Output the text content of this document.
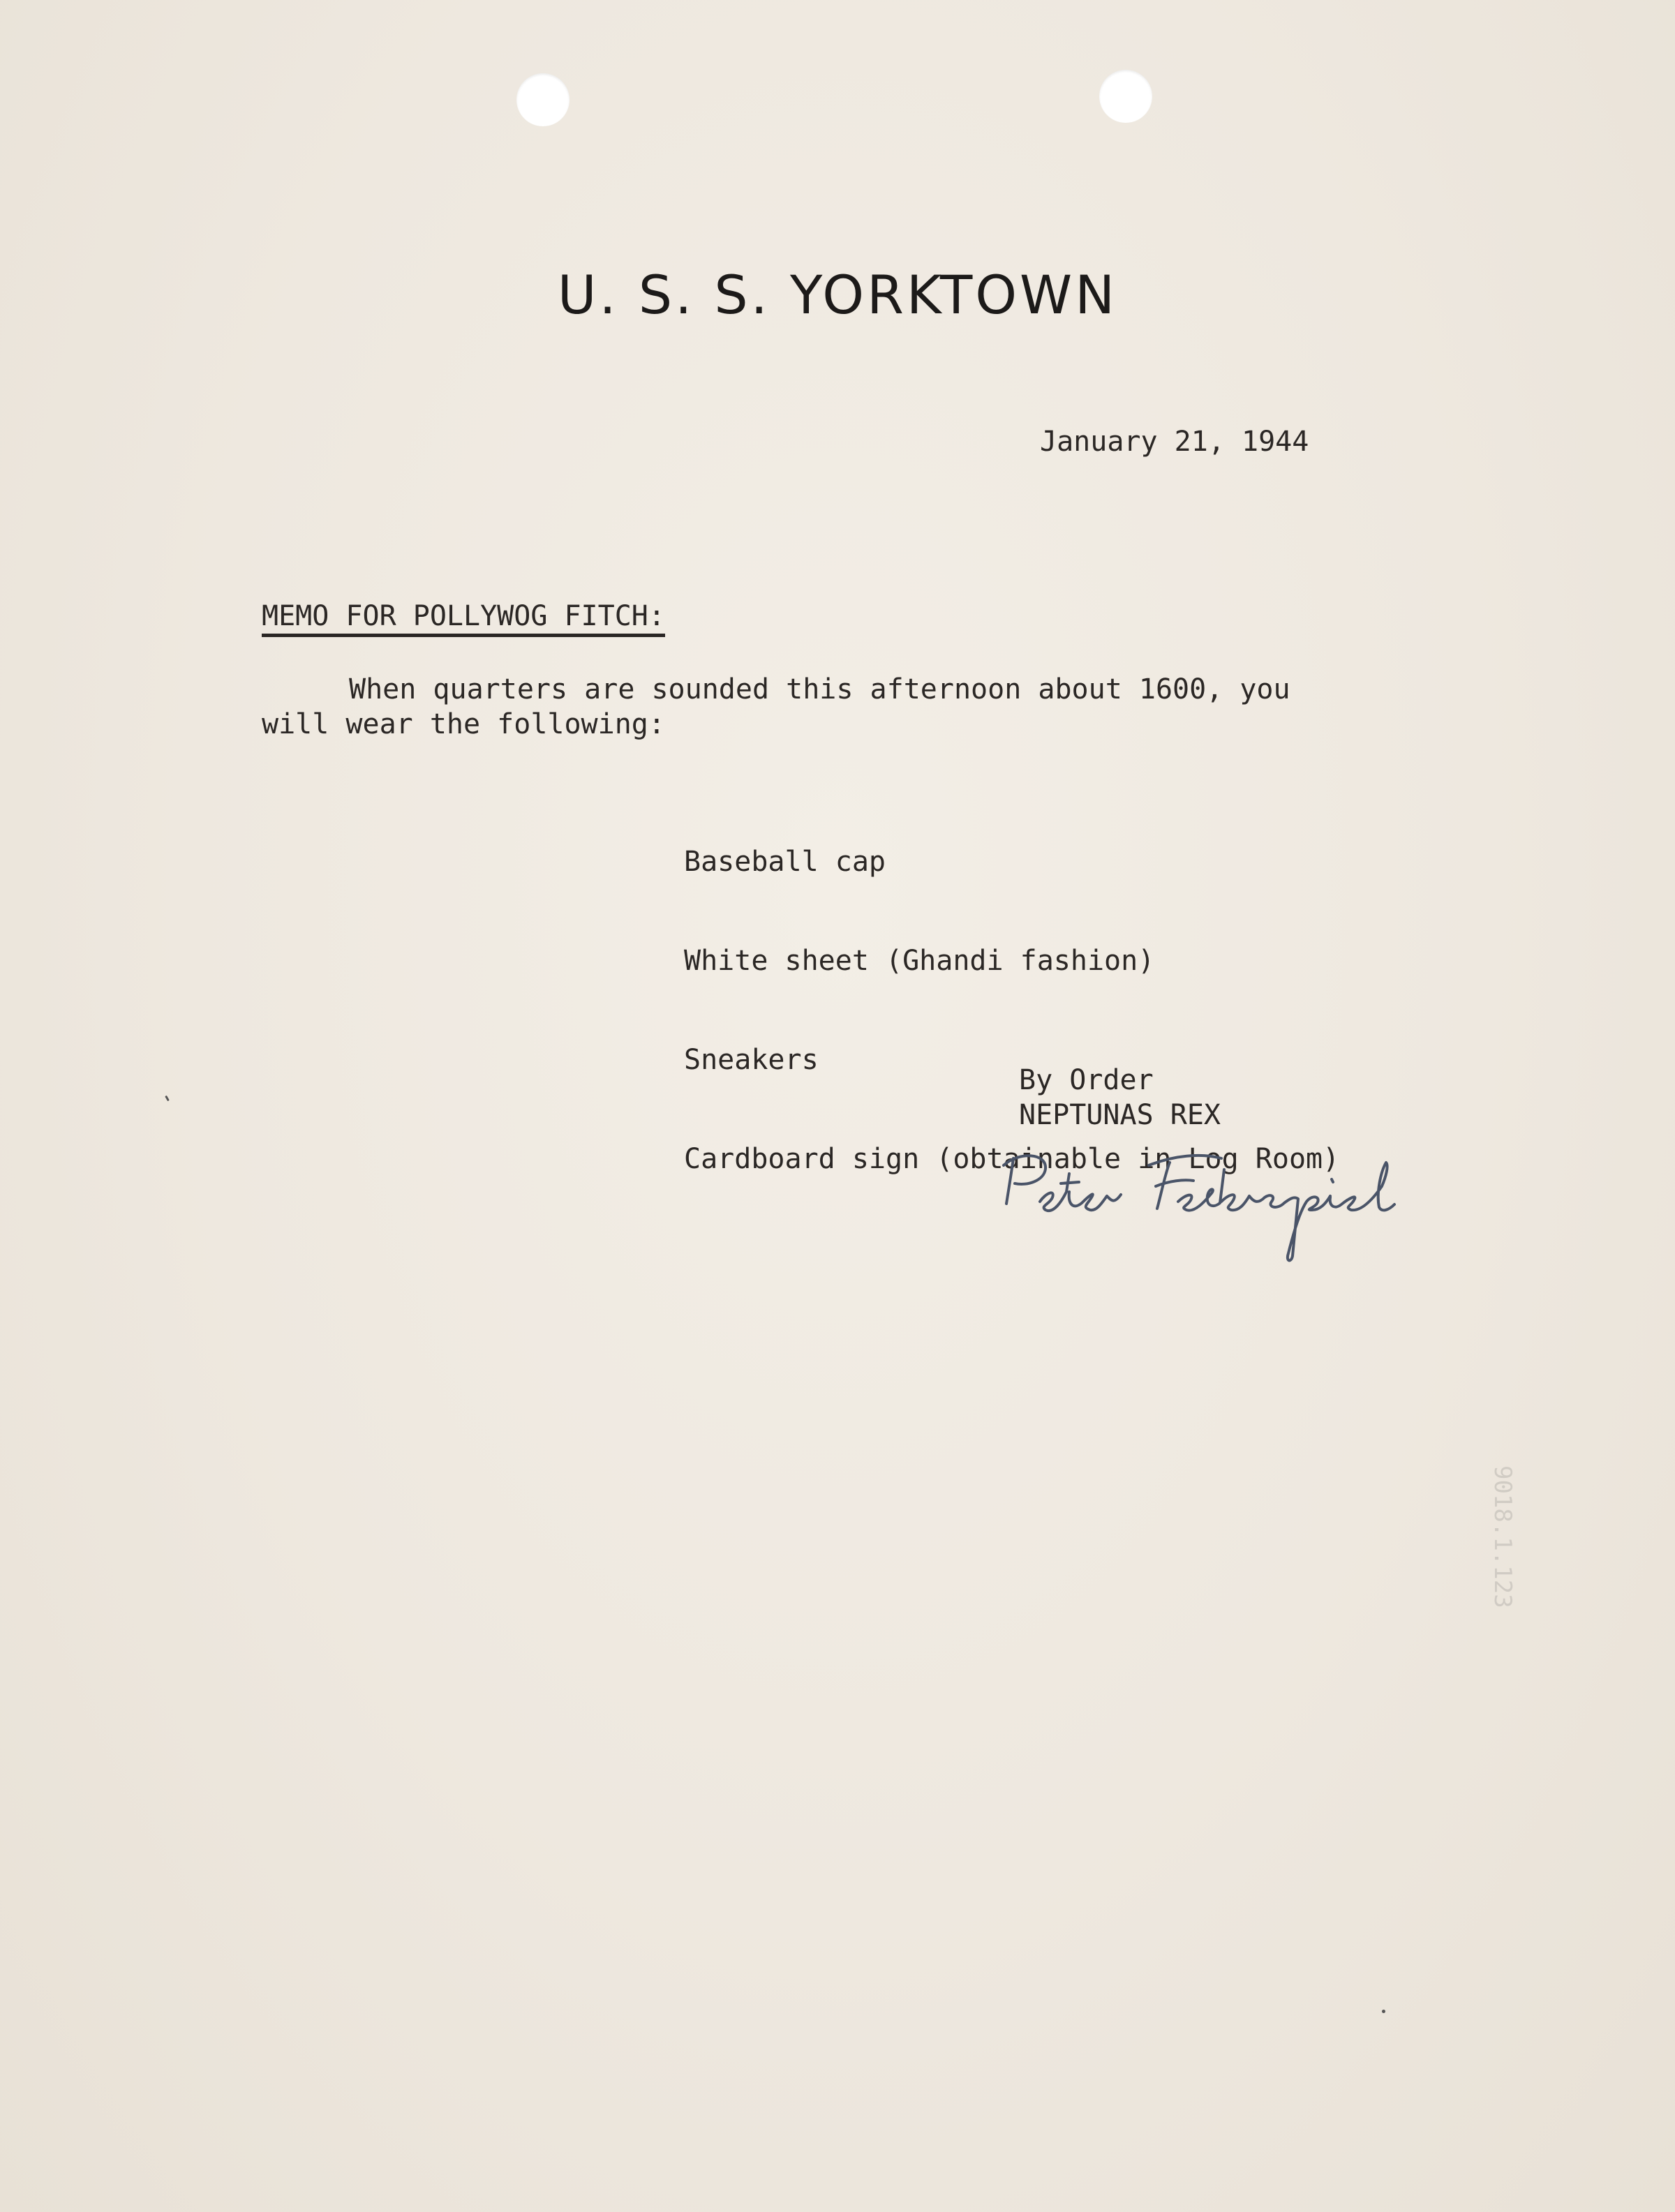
U. S. S. YORKTOWN
January 21, 1944
MEMO FOR POLLYWOG FITCH:
When quarters are sounded this afternoon about 1600, you
will wear the following:

Baseball cap

White sheet (Ghandi fashion)

Sneakers

Cardboard sign (obtainable in Log Room)

By Order
NEPTUNAS REX
9018.1.123
